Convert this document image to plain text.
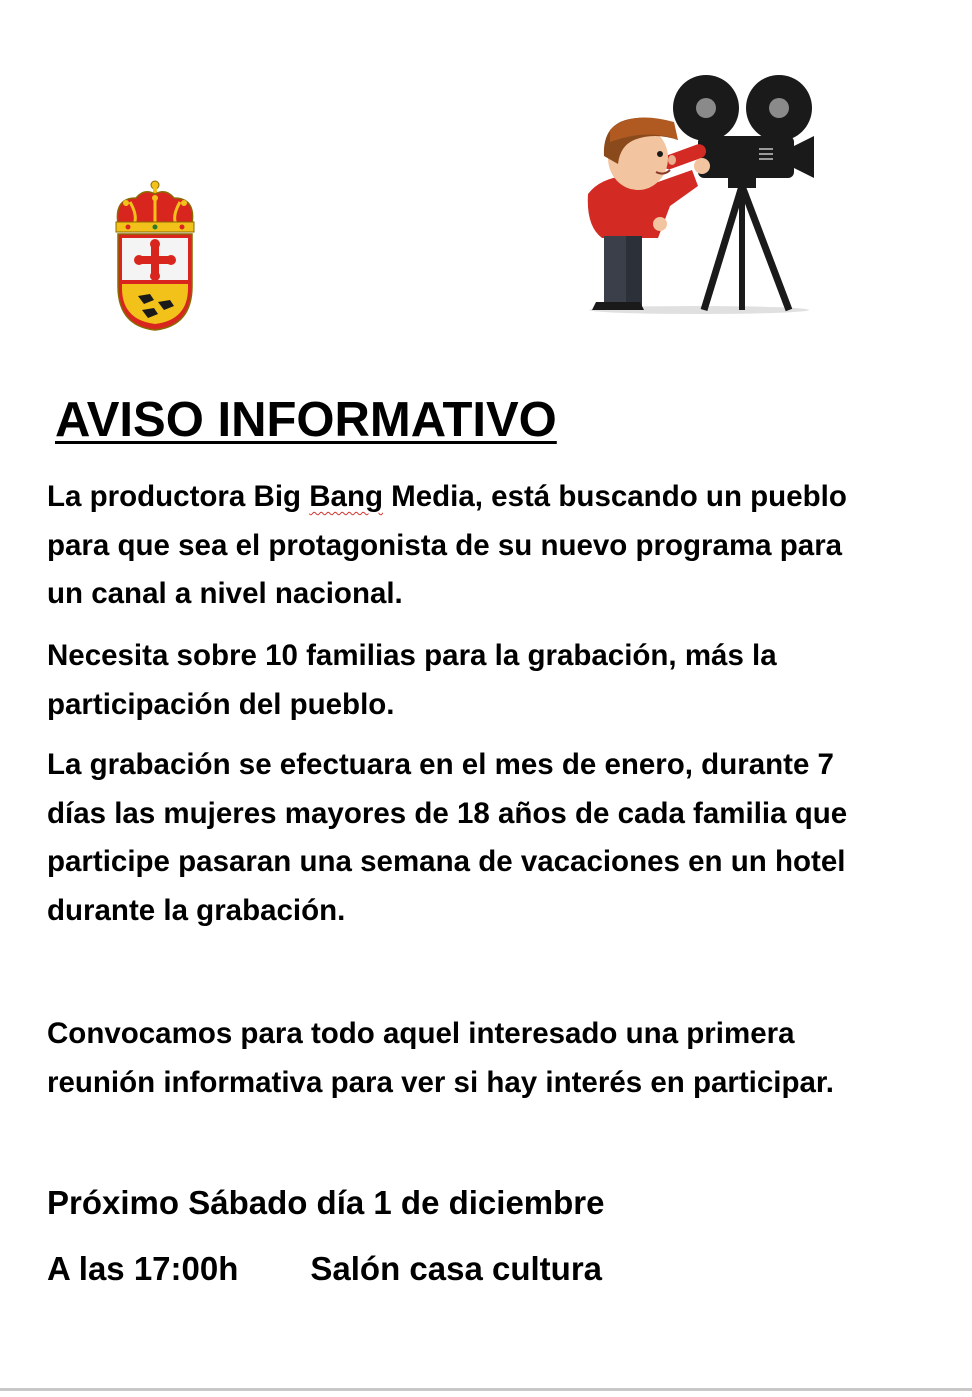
AVISO INFORMATIVO

La productora Big Bang Media, está buscando un pueblo
para que sea el protagonista de su nuevo programa para
un canal a nivel nacional.

Necesita sobre 10 familias para la grabación, más la
participación del pueblo.

La grabación se efectuara en el mes de enero, durante 7
días las mujeres mayores de 18 años de cada familia que
participe pasaran una semana de vacaciones en un hotel
durante la grabación.

Convocamos para todo aquel interesado una primera
reunión informativa para ver si hay interés en participar.

Próximo Sábado día 1 de diciembre

A las 17:00h Salón casa cultura
